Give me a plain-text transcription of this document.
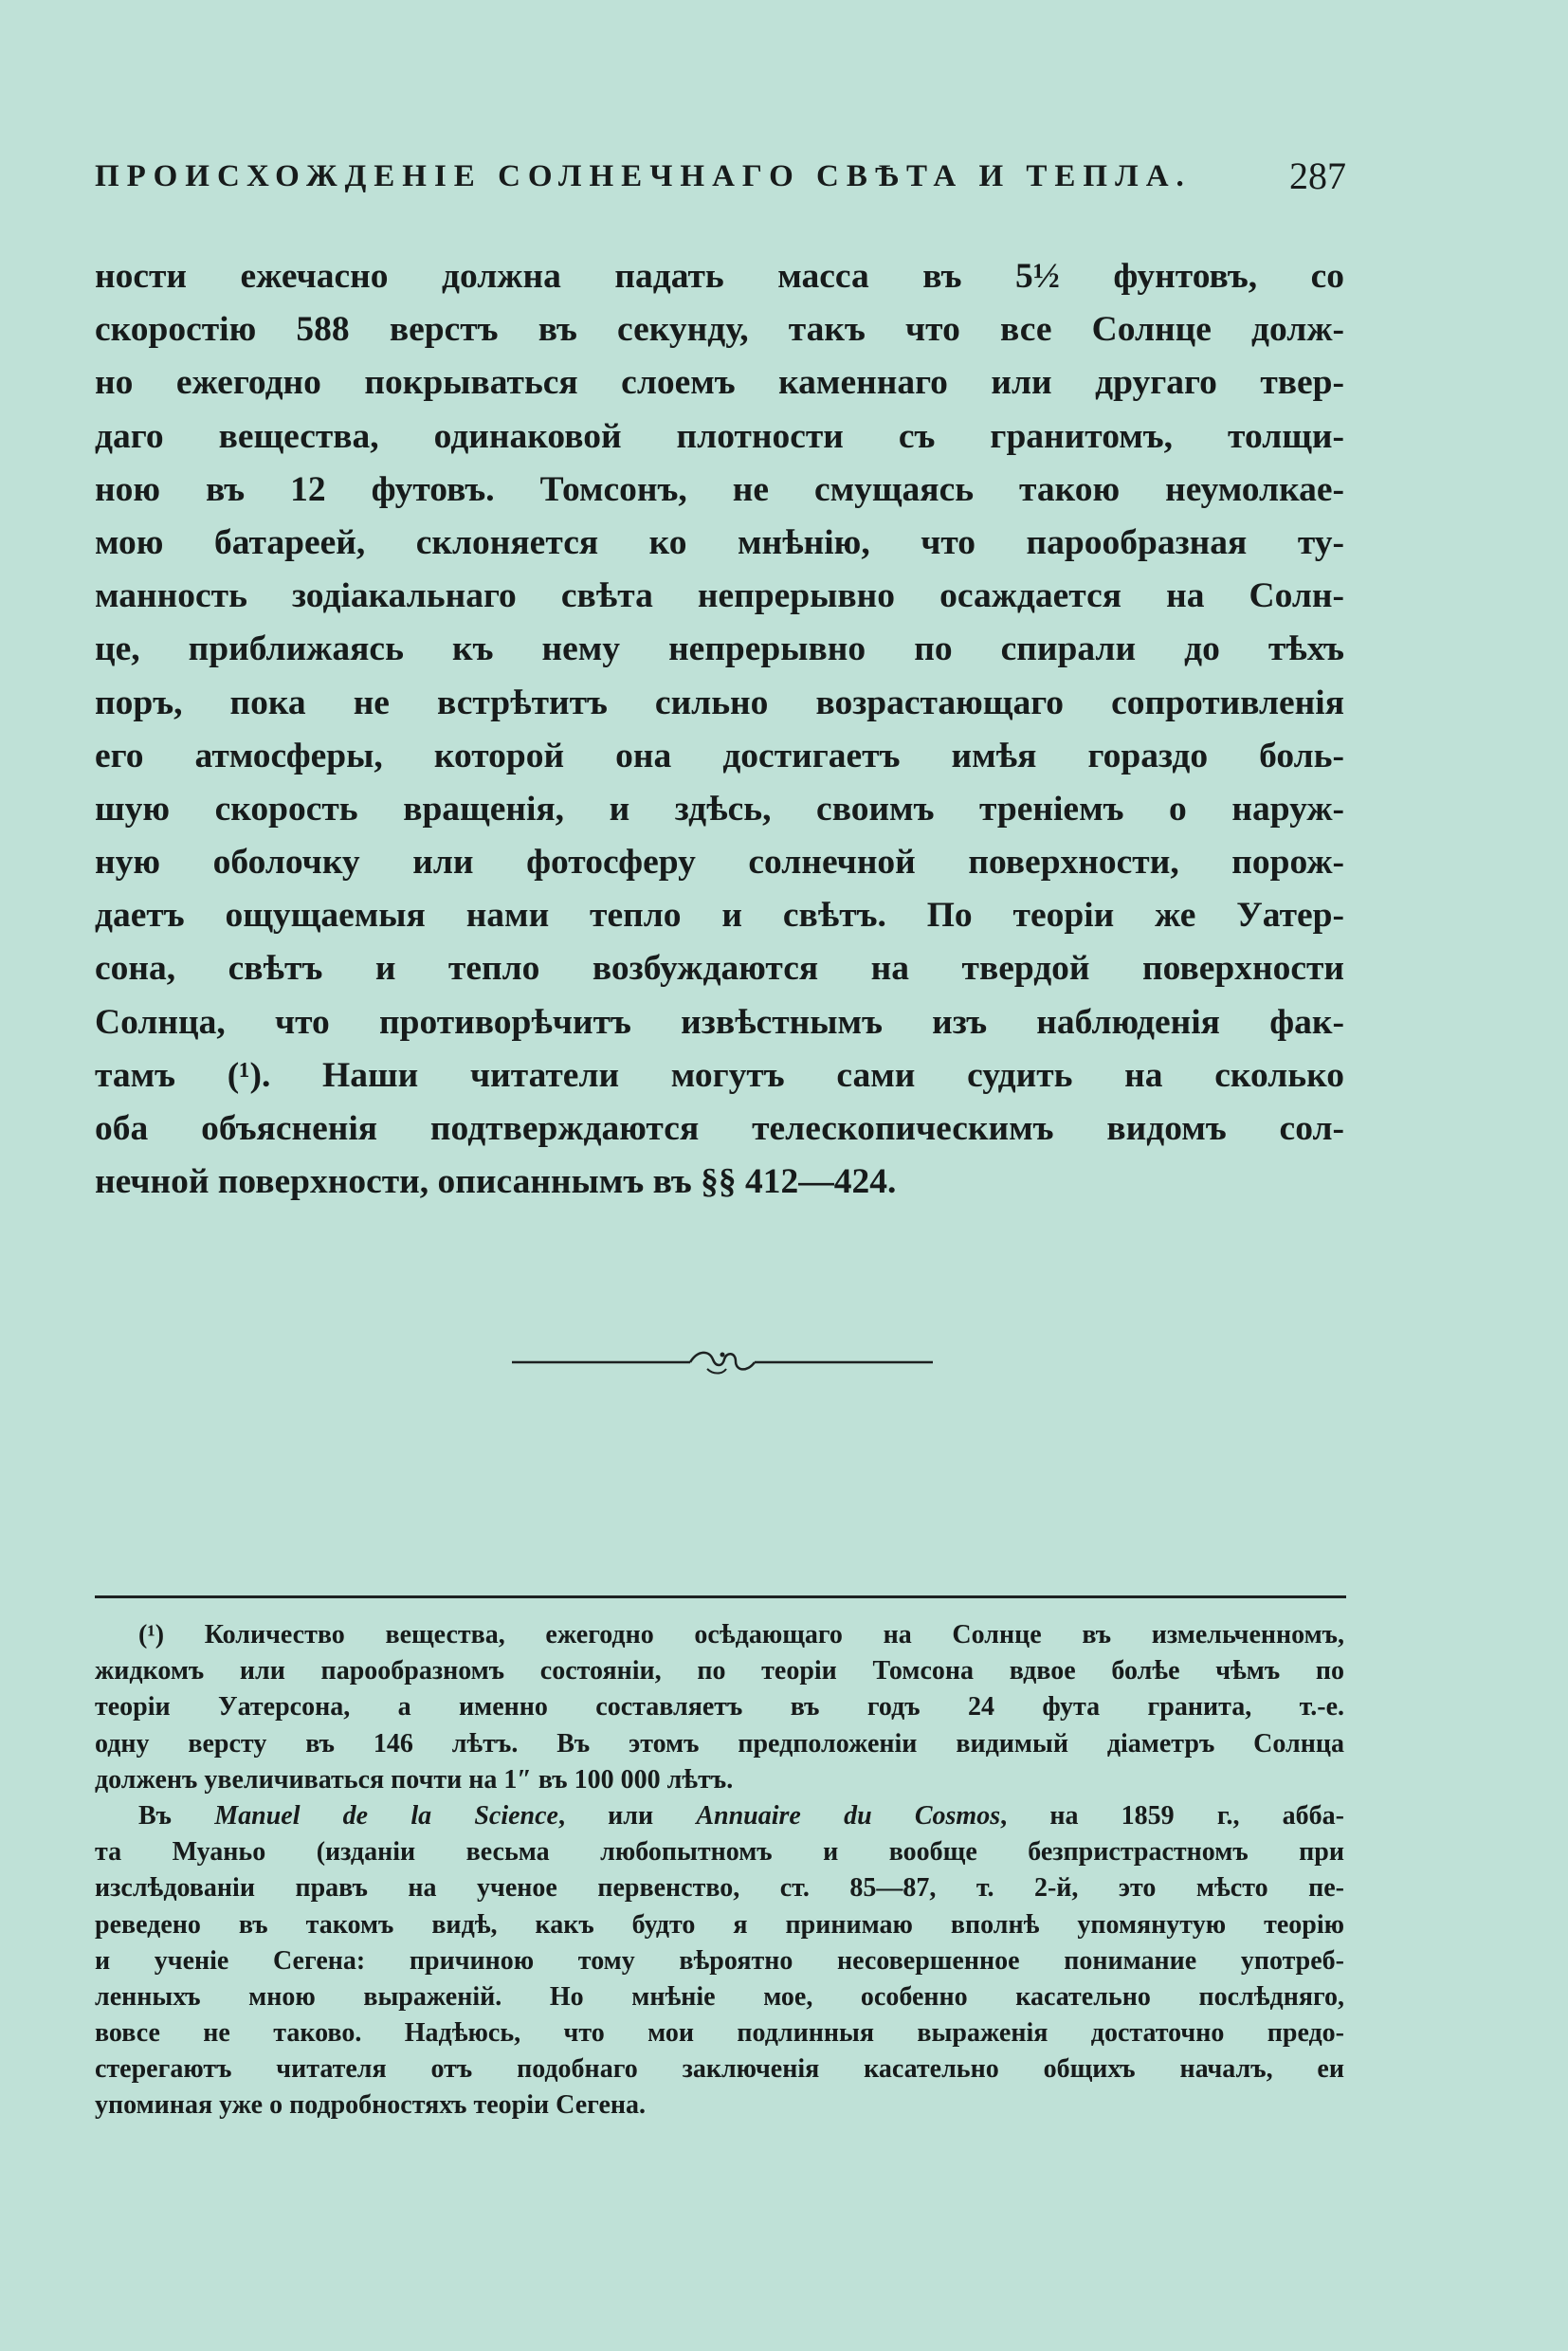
ПРОИСХОЖДЕНІЕ СОЛНЕЧНАГО СВѢТА И ТЕПЛА.	287
ности ежечасно должна падать масса въ 5½ фунтовъ, со
скоростію 588 верстъ въ секунду, такъ что все Солнце долж-
но ежегодно покрываться слоемъ каменнаго или другаго твер-
даго вещества, одинаковой плотности съ гранитомъ, толщи-
ною въ 12 футовъ. Томсонъ, не смущаясь такою неумолкае-
мою батареей, склоняется ко мнѣнію, что парообразная ту-
манность зодіакальнаго свѣта непрерывно осаждается на Солн-
це, приближаясь къ нему непрерывно по спирали до тѣхъ
поръ, пока не встрѣтитъ сильно возрастающаго сопротивленія
его атмосферы, которой она достигаетъ имѣя гораздо боль-
шую скорость вращенія, и здѣсь, своимъ треніемъ о наруж-
ную оболочку или фотосферу солнечной поверхности, порож-
даетъ ощущаемыя нами тепло и свѣтъ. По теоріи же Уатер-
сона, свѣтъ и тепло возбуждаются на твердой поверхности
Солнца, что противорѣчитъ извѣстнымъ изъ наблюденія фак-
тамъ (¹). Наши читатели могутъ сами судить на сколько
оба объясненія подтверждаются телескопическимъ видомъ сол-
нечной поверхности, описаннымъ въ §§ 412—424.
(¹) Количество вещества, ежегодно осѣдающаго на Солнце въ измельченномъ,
жидкомъ или парообразномъ состояніи, по теоріи Томсона вдвое болѣе чѣмъ по
теоріи Уатерсона, а именно составляетъ въ годъ 24 фута гранита, т.-е.
одну версту въ 146 лѣтъ. Въ этомъ предположеніи видимый діаметръ Солнца
долженъ увеличиваться почти на 1″ въ 100 000 лѣтъ.
Въ Manuel de la Science, или Annuaire du Cosmos, на 1859 г., абба-
та Муаньо (изданіи весьма любопытномъ и вообще безпристрастномъ при
изслѣдованіи правъ на ученое первенство, ст. 85—87, т. 2-й, это мѣсто пе-
реведено въ такомъ видѣ, какъ будто я принимаю вполнѣ упомянутую теорію
и ученіе Сегена: причиною тому вѣроятно несовершенное понимание употреб-
ленныхъ мною выраженій. Но мнѣніе мое, особенно касательно послѣдняго,
вовсе не таково. Надѣюсь, что мои подлинныя выраженія достаточно предо-
стерегаютъ читателя отъ подобнаго заключенія касательно общихъ началъ, еи
упоминая уже о подробностяхъ теоріи Сегена.
